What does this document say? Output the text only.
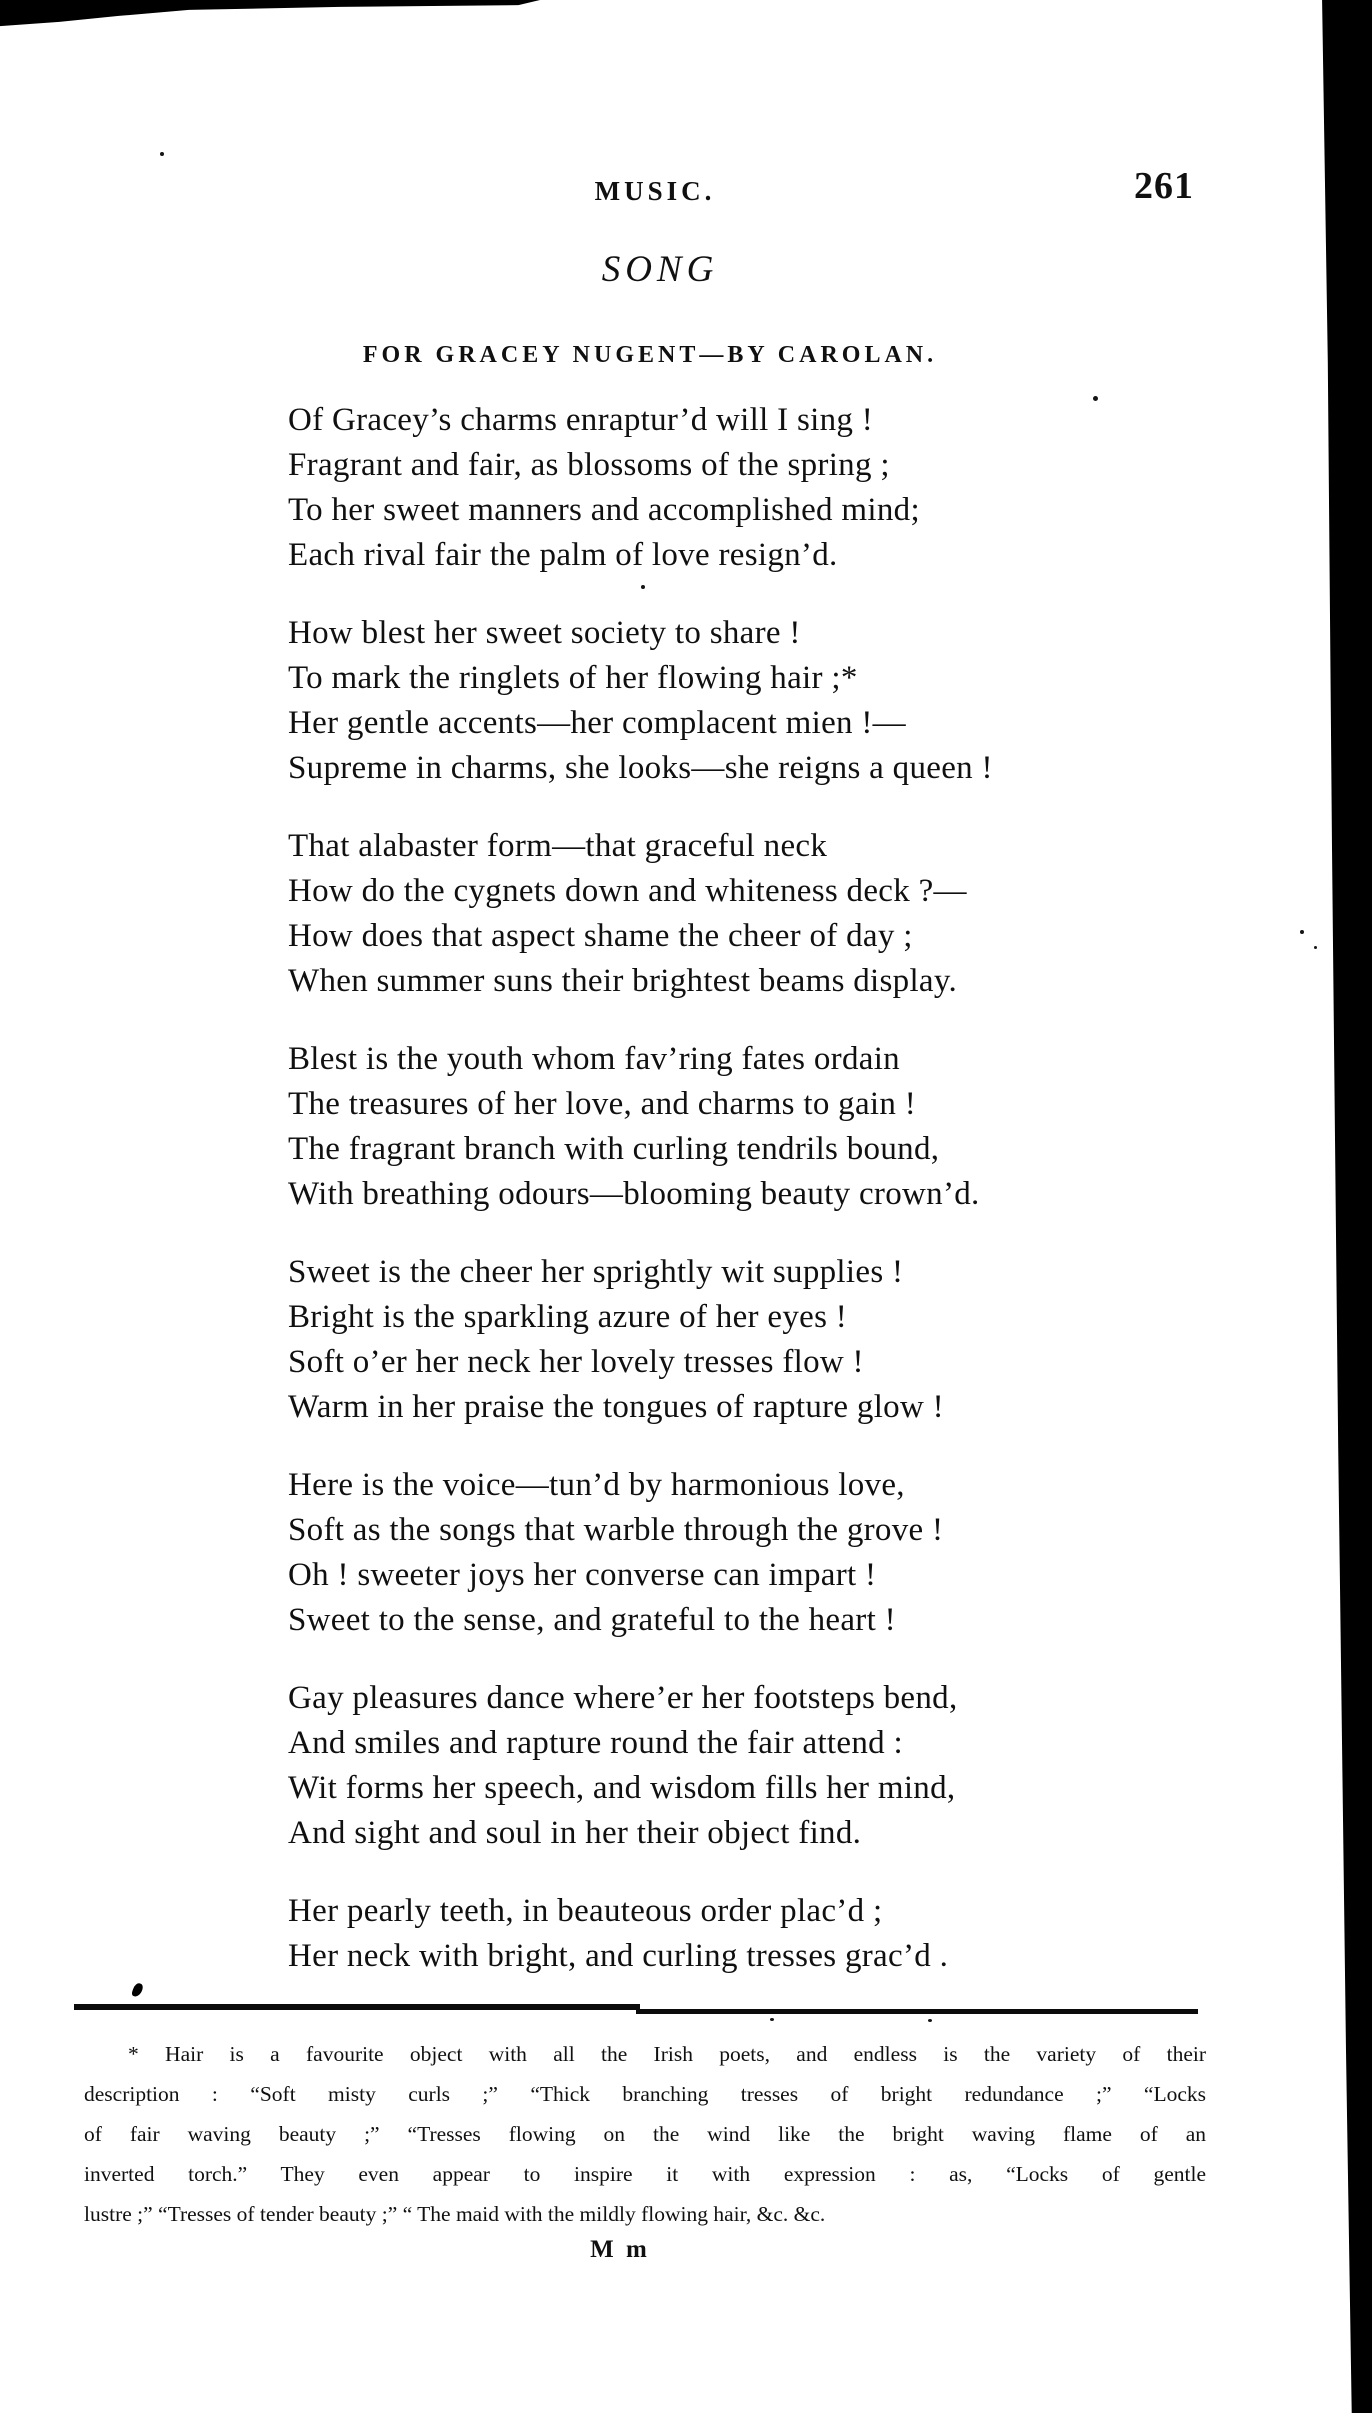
MUSIC.	261
SONG
FOR GRACEY NUGENT—BY CAROLAN.
Of Gracey’s charms enraptur’d will I sing !
Fragrant and fair, as blossoms of the spring ;
To her sweet manners and accomplished mind;
Each rival fair the palm of love resign’d.
How blest her sweet society to share !
To mark the ringlets of her flowing hair ;*
Her gentle accents—her complacent mien !—
Supreme in charms, she looks—she reigns a queen !
That alabaster form—that graceful neck
How do the cygnets down and whiteness deck ?—
How does that aspect shame the cheer of day ;
When summer suns their brightest beams display.
Blest is the youth whom fav’ring fates ordain
The treasures of her love, and charms to gain !
The fragrant branch with curling tendrils bound,
With breathing odours—blooming beauty crown’d.
Sweet is the cheer her sprightly wit supplies !
Bright is the sparkling azure of her eyes !
Soft o’er her neck her lovely tresses flow !
Warm in her praise the tongues of rapture glow !
Here is the voice—tun’d by harmonious love,
Soft as the songs that warble through the grove !
Oh ! sweeter joys her converse can impart !
Sweet to the sense, and grateful to the heart !
Gay pleasures dance where’er her footsteps bend,
And smiles and rapture round the fair attend :
Wit forms her speech, and wisdom fills her mind,
And sight and soul in her their object find.
Her pearly teeth, in beauteous order plac’d ;
Her neck with bright, and curling tresses grac’d .
* Hair is a favourite object with all the Irish poets, and endless is the variety of their
description : “Soft misty curls ;” “Thick branching tresses of bright redundance ;” “Locks
of fair waving beauty ;” “Tresses flowing on the wind like the bright waving flame of an
inverted torch.” They even appear to inspire it with expression : as, “Locks of gentle
lustre ;” “Tresses of tender beauty ;” “ The maid with the mildly flowing hair, &c. &c.
M m
